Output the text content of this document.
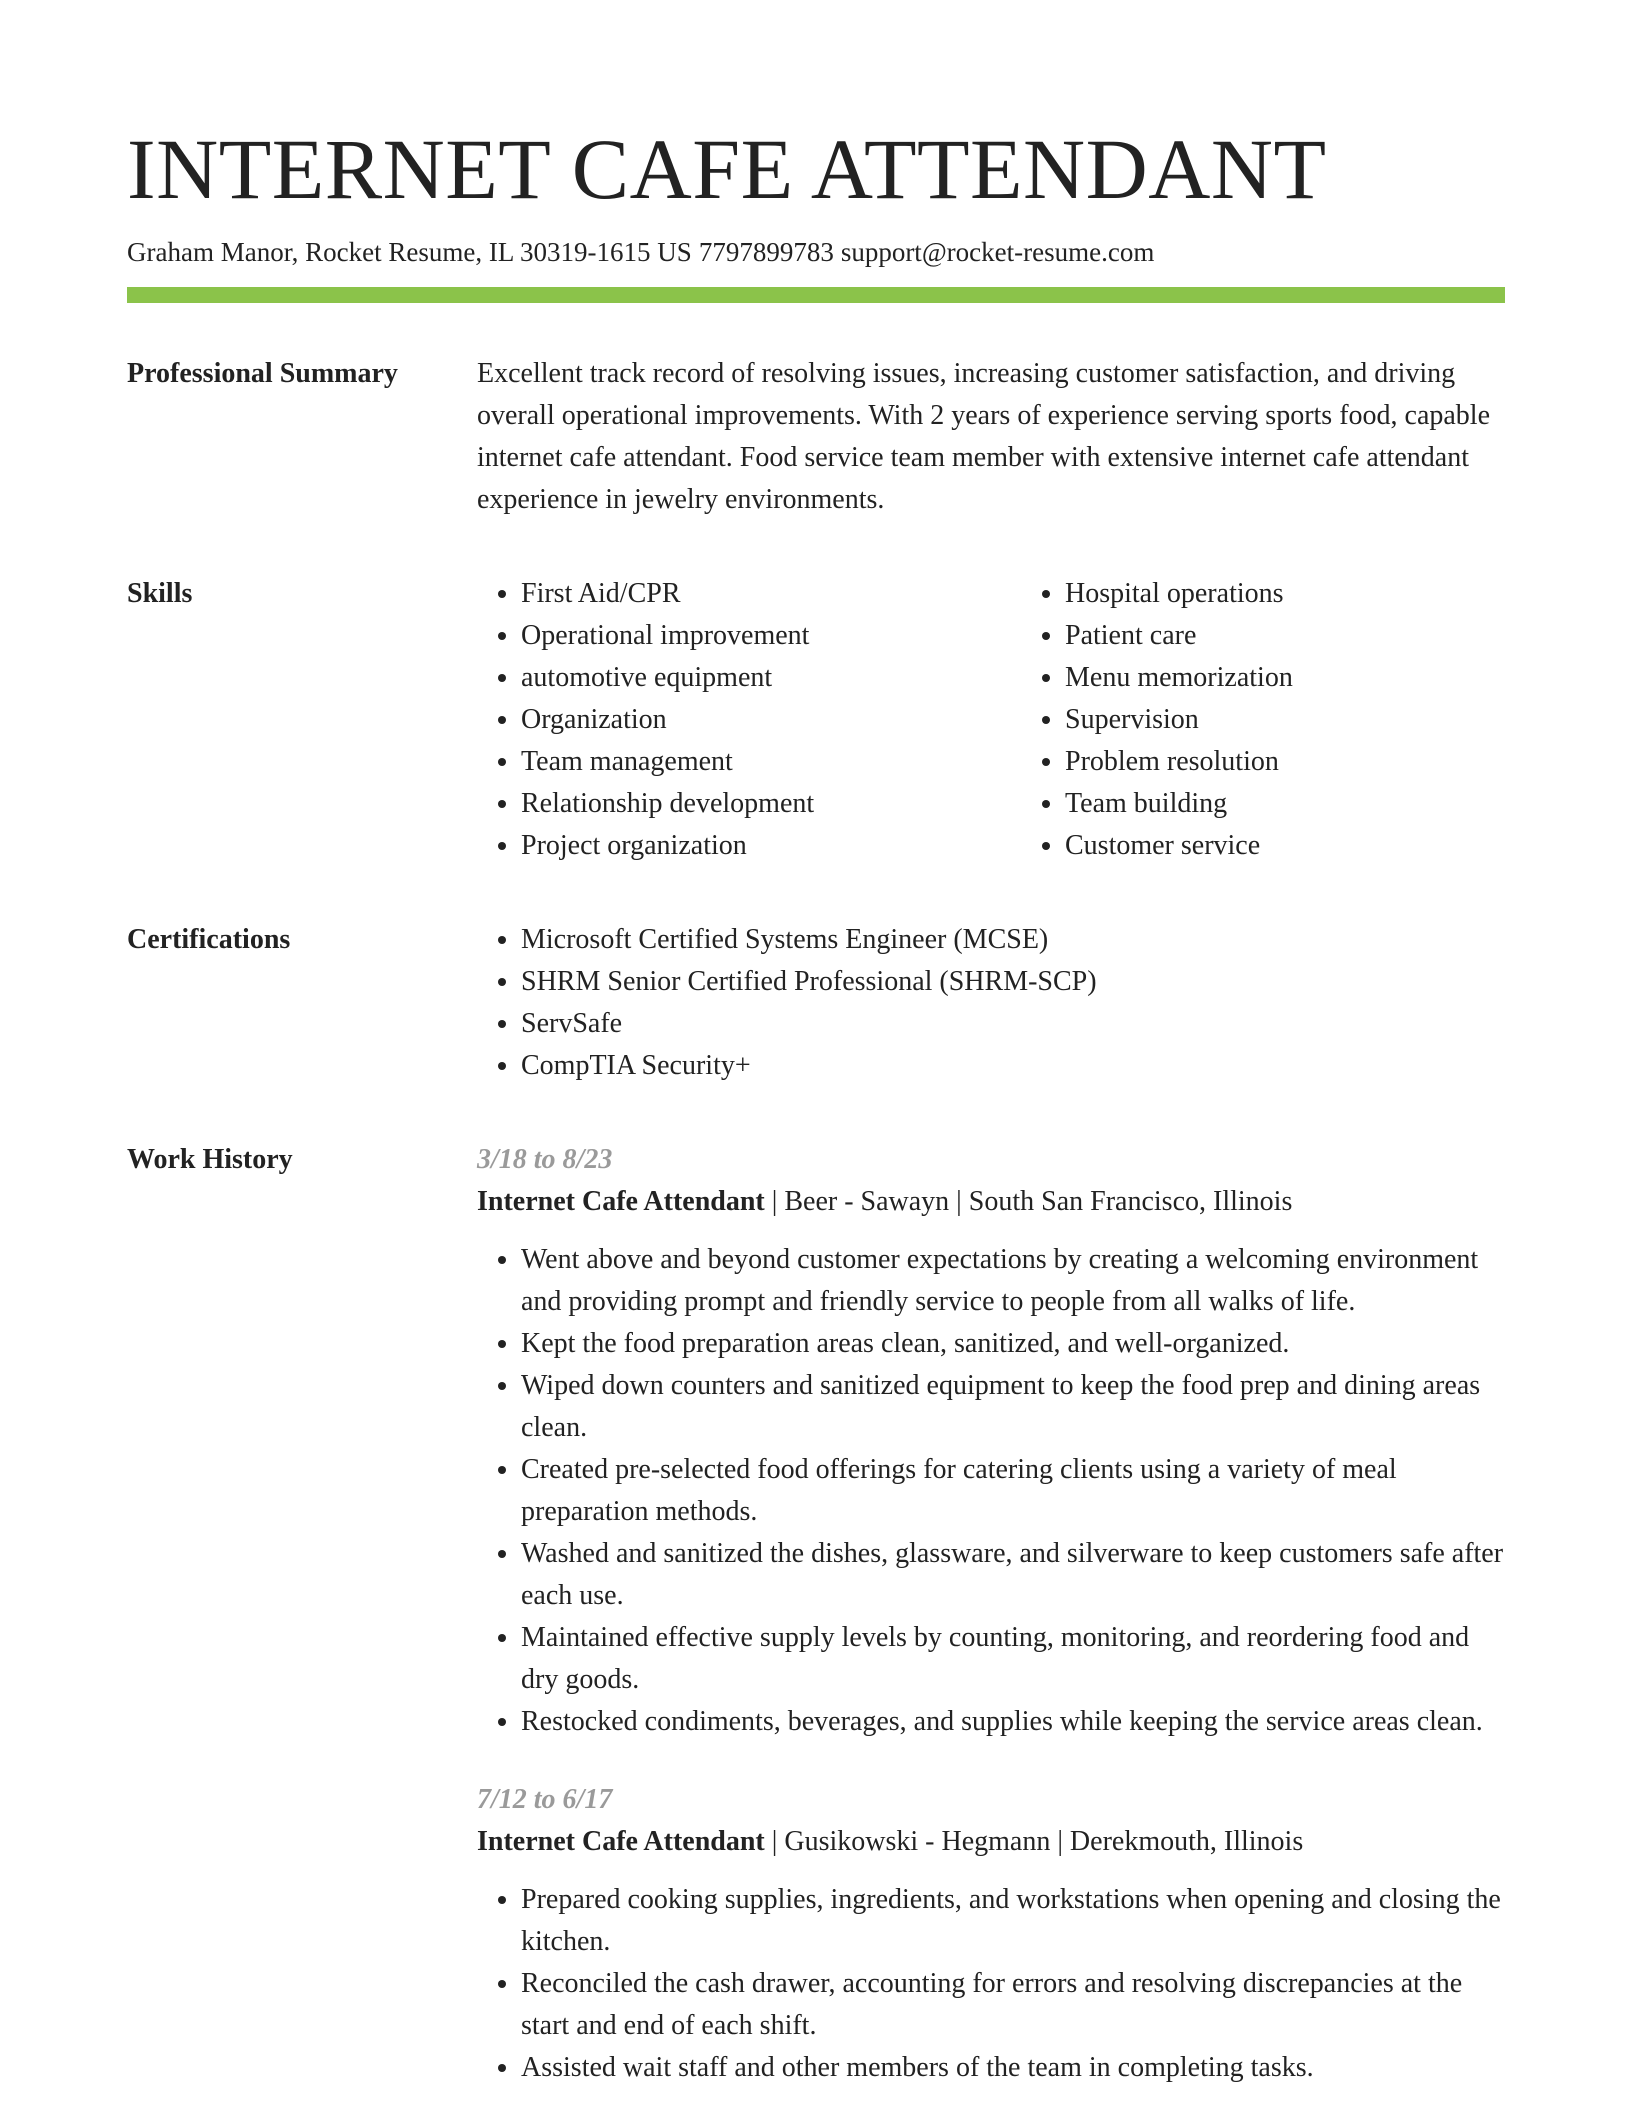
INTERNET CAFE ATTENDANT
Graham Manor, Rocket Resume, IL 30319-1615 US 7797899783 support@rocket-resume.com
Professional Summary	Excellent track record of resolving issues, increasing customer satisfaction, and driving overall operational improvements. With 2 years of experience serving sports food, capable internet cafe attendant. Food service team member with extensive internet cafe attendant experience in jewelry environments.

Skills	• First Aid/CPR
• Operational improvement
• automotive equipment
• Organization
• Team management
• Relationship development
• Project organization
• Hospital operations
• Patient care
• Menu memorization
• Supervision
• Problem resolution
• Team building
• Customer service
Certifications	• Microsoft Certified Systems Engineer (MCSE)
• SHRM Senior Certified Professional (SHRM-SCP)
• ServSafe
• CompTIA Security+
Work History	3/18 to 8/23
Internet Cafe Attendant | Beer - Sawayn | South San Francisco, Illinois
• Went above and beyond customer expectations by creating a welcoming environment and providing prompt and friendly service to people from all walks of life.
• Kept the food preparation areas clean, sanitized, and well-organized.
• Wiped down counters and sanitized equipment to keep the food prep and dining areas clean.
• Created pre-selected food offerings for catering clients using a variety of meal preparation methods.
• Washed and sanitized the dishes, glassware, and silverware to keep customers safe after each use.
• Maintained effective supply levels by counting, monitoring, and reordering food and dry goods.
• Restocked condiments, beverages, and supplies while keeping the service areas clean.
7/12 to 6/17
Internet Cafe Attendant | Gusikowski - Hegmann | Derekmouth, Illinois
• Prepared cooking supplies, ingredients, and workstations when opening and closing the kitchen.
• Reconciled the cash drawer, accounting for errors and resolving discrepancies at the start and end of each shift.
• Assisted wait staff and other members of the team in completing tasks.
